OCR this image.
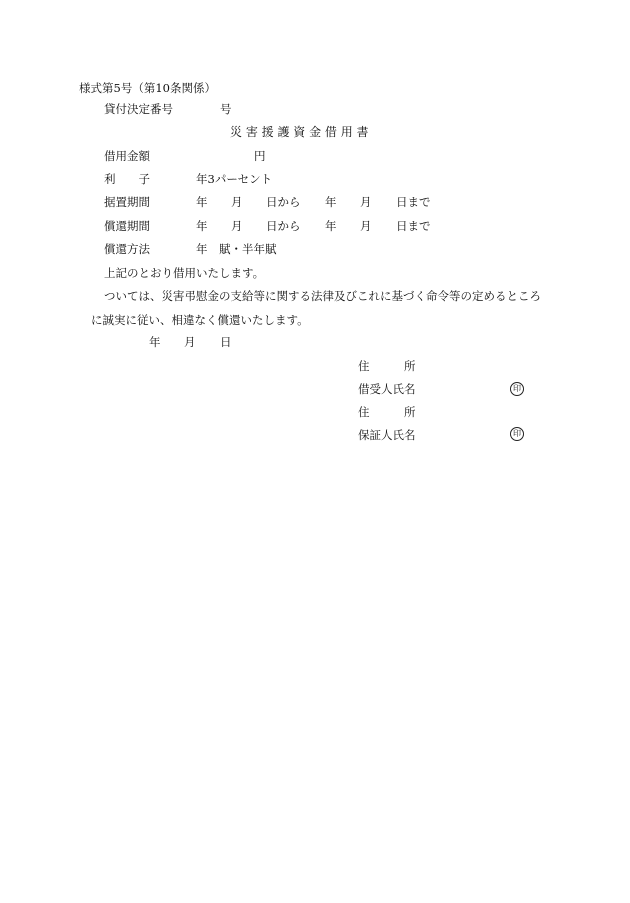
様式第5号（第10条関係）
貸付決定番号	号
災 害 援 護 資 金 借 用 書
借用金額	円
利　　子	年3パーセント
据置期間	年 月 日から 年 月 日まで
償還期間	年 月 日から 年 月 日まで
償還方法	年　賦・半年賦
上記のとおり借用いたします。
ついては、災害弔慰金の支給等に関する法律及びこれに基づく命令等の定めるところ
に誠実に従い、相違なく償還いたします。
年 月 日
住　　　所
借受人氏名	印
住　　　所
保証人氏名	印
